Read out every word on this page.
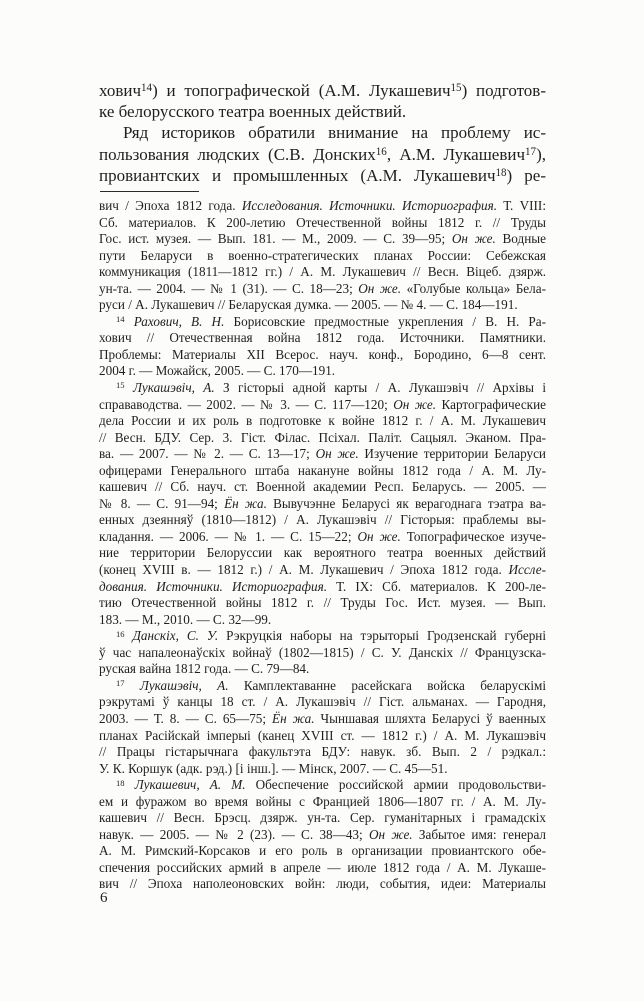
хович$^{14}$) и топографической (А.М. Лукашевич$^{15}$) подготов-
ке белорусского театра военных действий.
Ряд историков обратили внимание на проблему ис-
пользования людских (С.В. Донских$^{16}$, А.М. Лукашевич$^{17}$),
провиантских и промышленных (А.М. Лукашевич$^{18}$) ре-
вич / Эпоха 1812 года. Исследования. Источники. Историография. Т. VIII:
Сб. материалов. К 200-летию Отечественной войны 1812 г. // Труды
Гос. ист. музея. — Вып. 181. — М., 2009. — С. 39—95; Он же. Водные
пути Беларуси в военно-стратегических планах России: Себежская
коммуникация (1811—1812 гг.) / А. М. Лукашевич // Весн. Віцеб. дзярж.
ун-та. — 2004. — № 1 (31). — С. 18—23; Он же. «Голубые кольца» Бела-
руси / А. Лукашевич // Беларуская думка. — 2005. — № 4. — С. 184—191.
$^{14}$ Рахович, В. Н. Борисовские предмостные укрепления / В. Н. Ра-
хович // Отечественная война 1812 года. Источники. Памятники.
Проблемы: Материалы XII Всерос. науч. конф., Бородино, 6—8 сент.
2004 г. — Можайск, 2005. — С. 170—191.
$^{15}$ Лукашэвіч, А. З гісторыі адной карты / А. Лукашэвіч // Архівы і
справаводства. — 2002. — № 3. — С. 117—120; Он же. Картографические
дела России и их роль в подготовке к войне 1812 г. / А. М. Лукашевич
// Весн. БДУ. Сер. 3. Гіст. Філас. Псіхал. Паліт. Сацыял. Эканом. Пра-
ва. — 2007. — № 2. — С. 13—17; Он же. Изучение территории Беларуси
офицерами Генерального штаба накануне войны 1812 года / А. М. Лу-
кашевич // Сб. науч. ст. Военной академии Респ. Беларусь. — 2005. —
№ 8. — С. 91—94; Ён жа. Вывучэнне Беларусі як верагоднага тэатра ва-
енных дзеянняў (1810—1812) / А. Лукашэвіч // Гісторыя: праблемы вы-
кладання. — 2006. — № 1. — С. 15—22; Он же. Топографическое изуче-
ние территории Белоруссии как вероятного театра военных действий
(конец XVIII в. — 1812 г.) / А. М. Лукашевич / Эпоха 1812 года. Иссле-
дования. Источники. Историография. Т. IX: Сб. материалов. К 200-ле-
тию Отечественной войны 1812 г. // Труды Гос. Ист. музея. — Вып.
183. — М., 2010. — С. 32—99.
$^{16}$ Данскіх, С. У. Рэкруцкія наборы на тэрыторыі Гродзенскай губерні
ў час напалеонаўскіх войнаў (1802—1815) / С. У. Данскіх // Французска-
руская вайна 1812 года. — С. 79—84.
$^{17}$ Лукашэвіч, А. Камплектаванне расейскага войска беларускімі
рэкрутамі ў канцы 18 ст. / А. Лукашэвіч // Гіст. альманах. — Гародня,
2003. — Т. 8. — С. 65—75; Ён жа. Чыншавая шляхта Беларусі ў ваенных
планах Расійскай імперыі (канец XVIII ст. — 1812 г.) / А. М. Лукашэвіч
// Працы гістарычнага факультэта БДУ: навук. зб. Вып. 2 / рэдкал.:
У. К. Коршук (адк. рэд.) [і інш.]. — Мінск, 2007. — С. 45—51.
$^{18}$ Лукашевич, А. М. Обеспечение российской армии продовольстви-
ем и фуражом во время войны с Францией 1806—1807 гг. / А. М. Лу-
кашевич // Весн. Брэсц. дзярж. ун-та. Сер. гуманітарных і грамадскіх
навук. — 2005. — № 2 (23). — С. 38—43; Он же. Забытое имя: генерал
А. М. Римский-Корсаков и его роль в организации провиантского обе-
спечения российских армий в апреле — июле 1812 года / А. М. Лукаше-
вич // Эпоха наполеоновских войн: люди, события, идеи: Материалы
6
